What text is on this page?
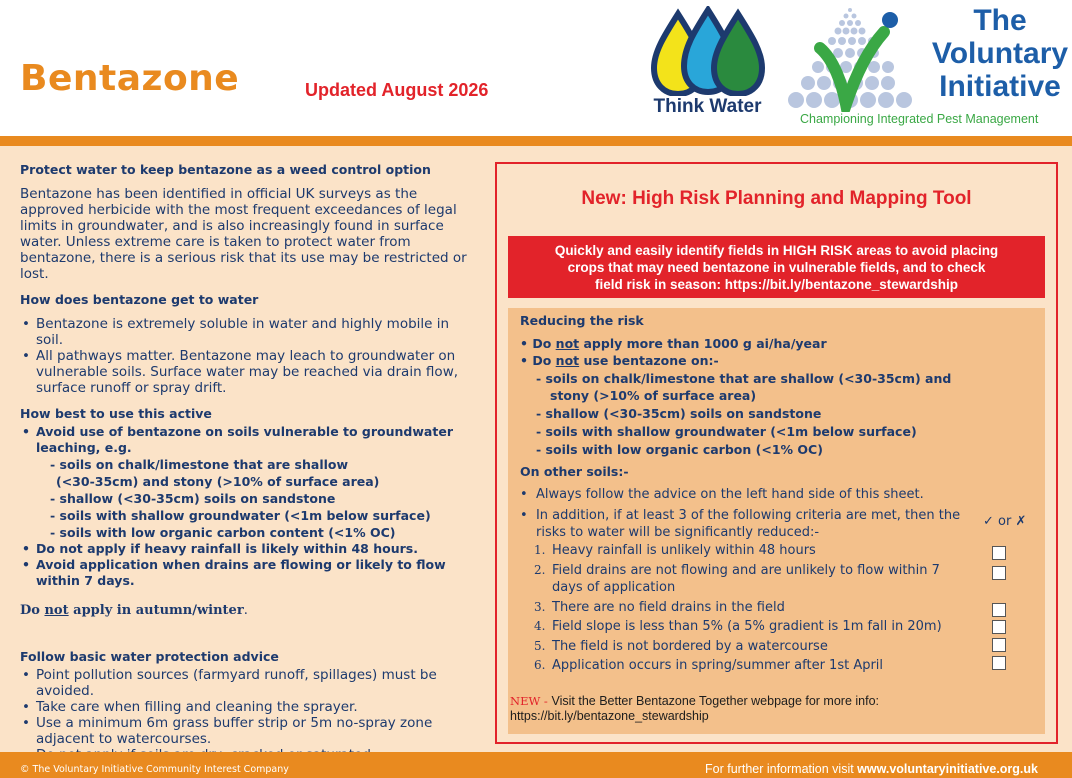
Bentazone	Updated August 2026
Think Water
The
Voluntary
Initiative
Championing Integrated Pest Management
Protect water to keep bentazone as a weed control option

Bentazone has been identified in official UK surveys as the approved herbicide with the most frequent exceedances of legal limits in groundwater, and is also increasingly found in surface water. Unless extreme care is taken to protect water from bentazone, there is a serious risk that its use may be restricted or lost.

How does bentazone get to water
• Bentazone is extremely soluble in water and highly mobile in soil.
• All pathways matter. Bentazone may leach to groundwater on vulnerable soils. Surface water may be reached via drain flow, surface runoff or spray drift.
How best to use this active
• Avoid use of bentazone on soils vulnerable to groundwater leaching, e.g.
- soils on chalk/limestone that are shallow
(<30-35cm) and stony (>10% of surface area)
- shallow (<30-35cm) soils on sandstone
- soils with shallow groundwater (<1m below surface)
- soils with low organic carbon content (<1% OC)
• Do not apply if heavy rainfall is likely within 48 hours.
• Avoid application when drains are flowing or likely to flow within 7 days.
Do not apply in autumn/winter.
Follow basic water protection advice
• Point pollution sources (farmyard runoff, spillages) must be avoided.
• Take care when filling and cleaning the sprayer.
• Use a minimum 6m grass buffer strip or 5m no-spray zone adjacent to watercourses.
•
New: High Risk Planning and Mapping Tool
Quickly and easily identify fields in HIGH RISK areas to avoid placing
crops that may need bentazone in vulnerable fields, and to check
field risk in season: https://bit.ly/bentazone_stewardship
Reducing the risk
• Do not apply more than 1000 g ai/ha/year
• Do not use bentazone on:-
- soils on chalk/limestone that are shallow (<30-35cm) and
stony (>10% of surface area)
- shallow (<30-35cm) soils on sandstone
- soils with shallow groundwater (<1m below surface)
- soils with low organic carbon (<1% OC)
On other soils:-
•  Always follow the advice on the left hand side of this sheet.
•  In addition, if at least 3 of the following criteria are met, then the
risks to water will be significantly reduced:-
✓ or ✗
1. Heavy rainfall is unlikely within 48 hours
2. Field drains are not flowing and are unlikely to flow within 7
days of application
3. There are no field drains in the field
4. Field slope is less than 5% (a 5% gradient is 1m fall in 20m)
5. The field is not bordered by a watercourse
6. Application occurs in spring/summer after 1st April
NEW - Visit the Better Bentazone Together webpage for more info:
https://bit.ly/bentazone_stewardship
© The Voluntary Initiative Community Interest Company	For further information visit www.voluntaryinitiative.org.uk
